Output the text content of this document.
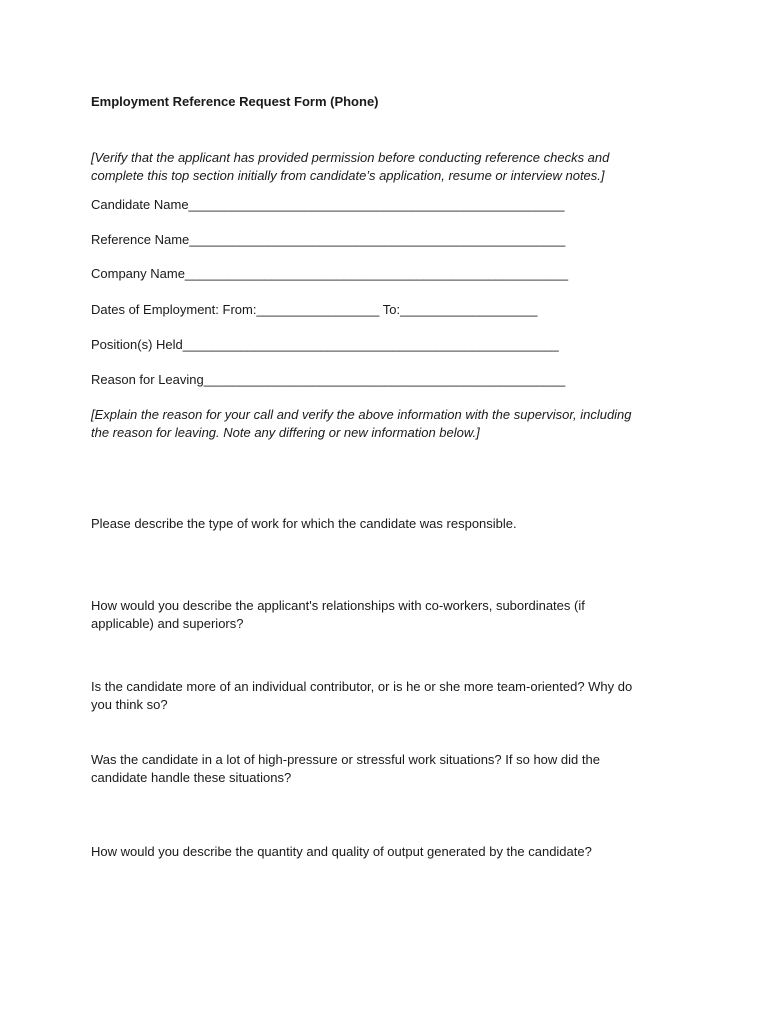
Employment Reference Request Form (Phone)

[Verify that the applicant has provided permission before conducting reference checks and

complete this top section initially from candidate’s application, resume or interview notes.]

Candidate Name____________________________________________________

Reference Name____________________________________________________

Company Name_____________________________________________________

Dates of Employment: From:_________________ To:___________________

Position(s) Held____________________________________________________

Reason for Leaving__________________________________________________

[Explain the reason for your call and verify the above information with the supervisor, including

the reason for leaving. Note any differing or new information below.]

Please describe the type of work for which the candidate was responsible.

How would you describe the applicant's relationships with co-workers, subordinates (if

applicable) and superiors?

Is the candidate more of an individual contributor, or is he or she more team-oriented? Why do

you think so?

Was the candidate in a lot of high-pressure or stressful work situations? If so how did the

candidate handle these situations?

How would you describe the quantity and quality of output generated by the candidate?
